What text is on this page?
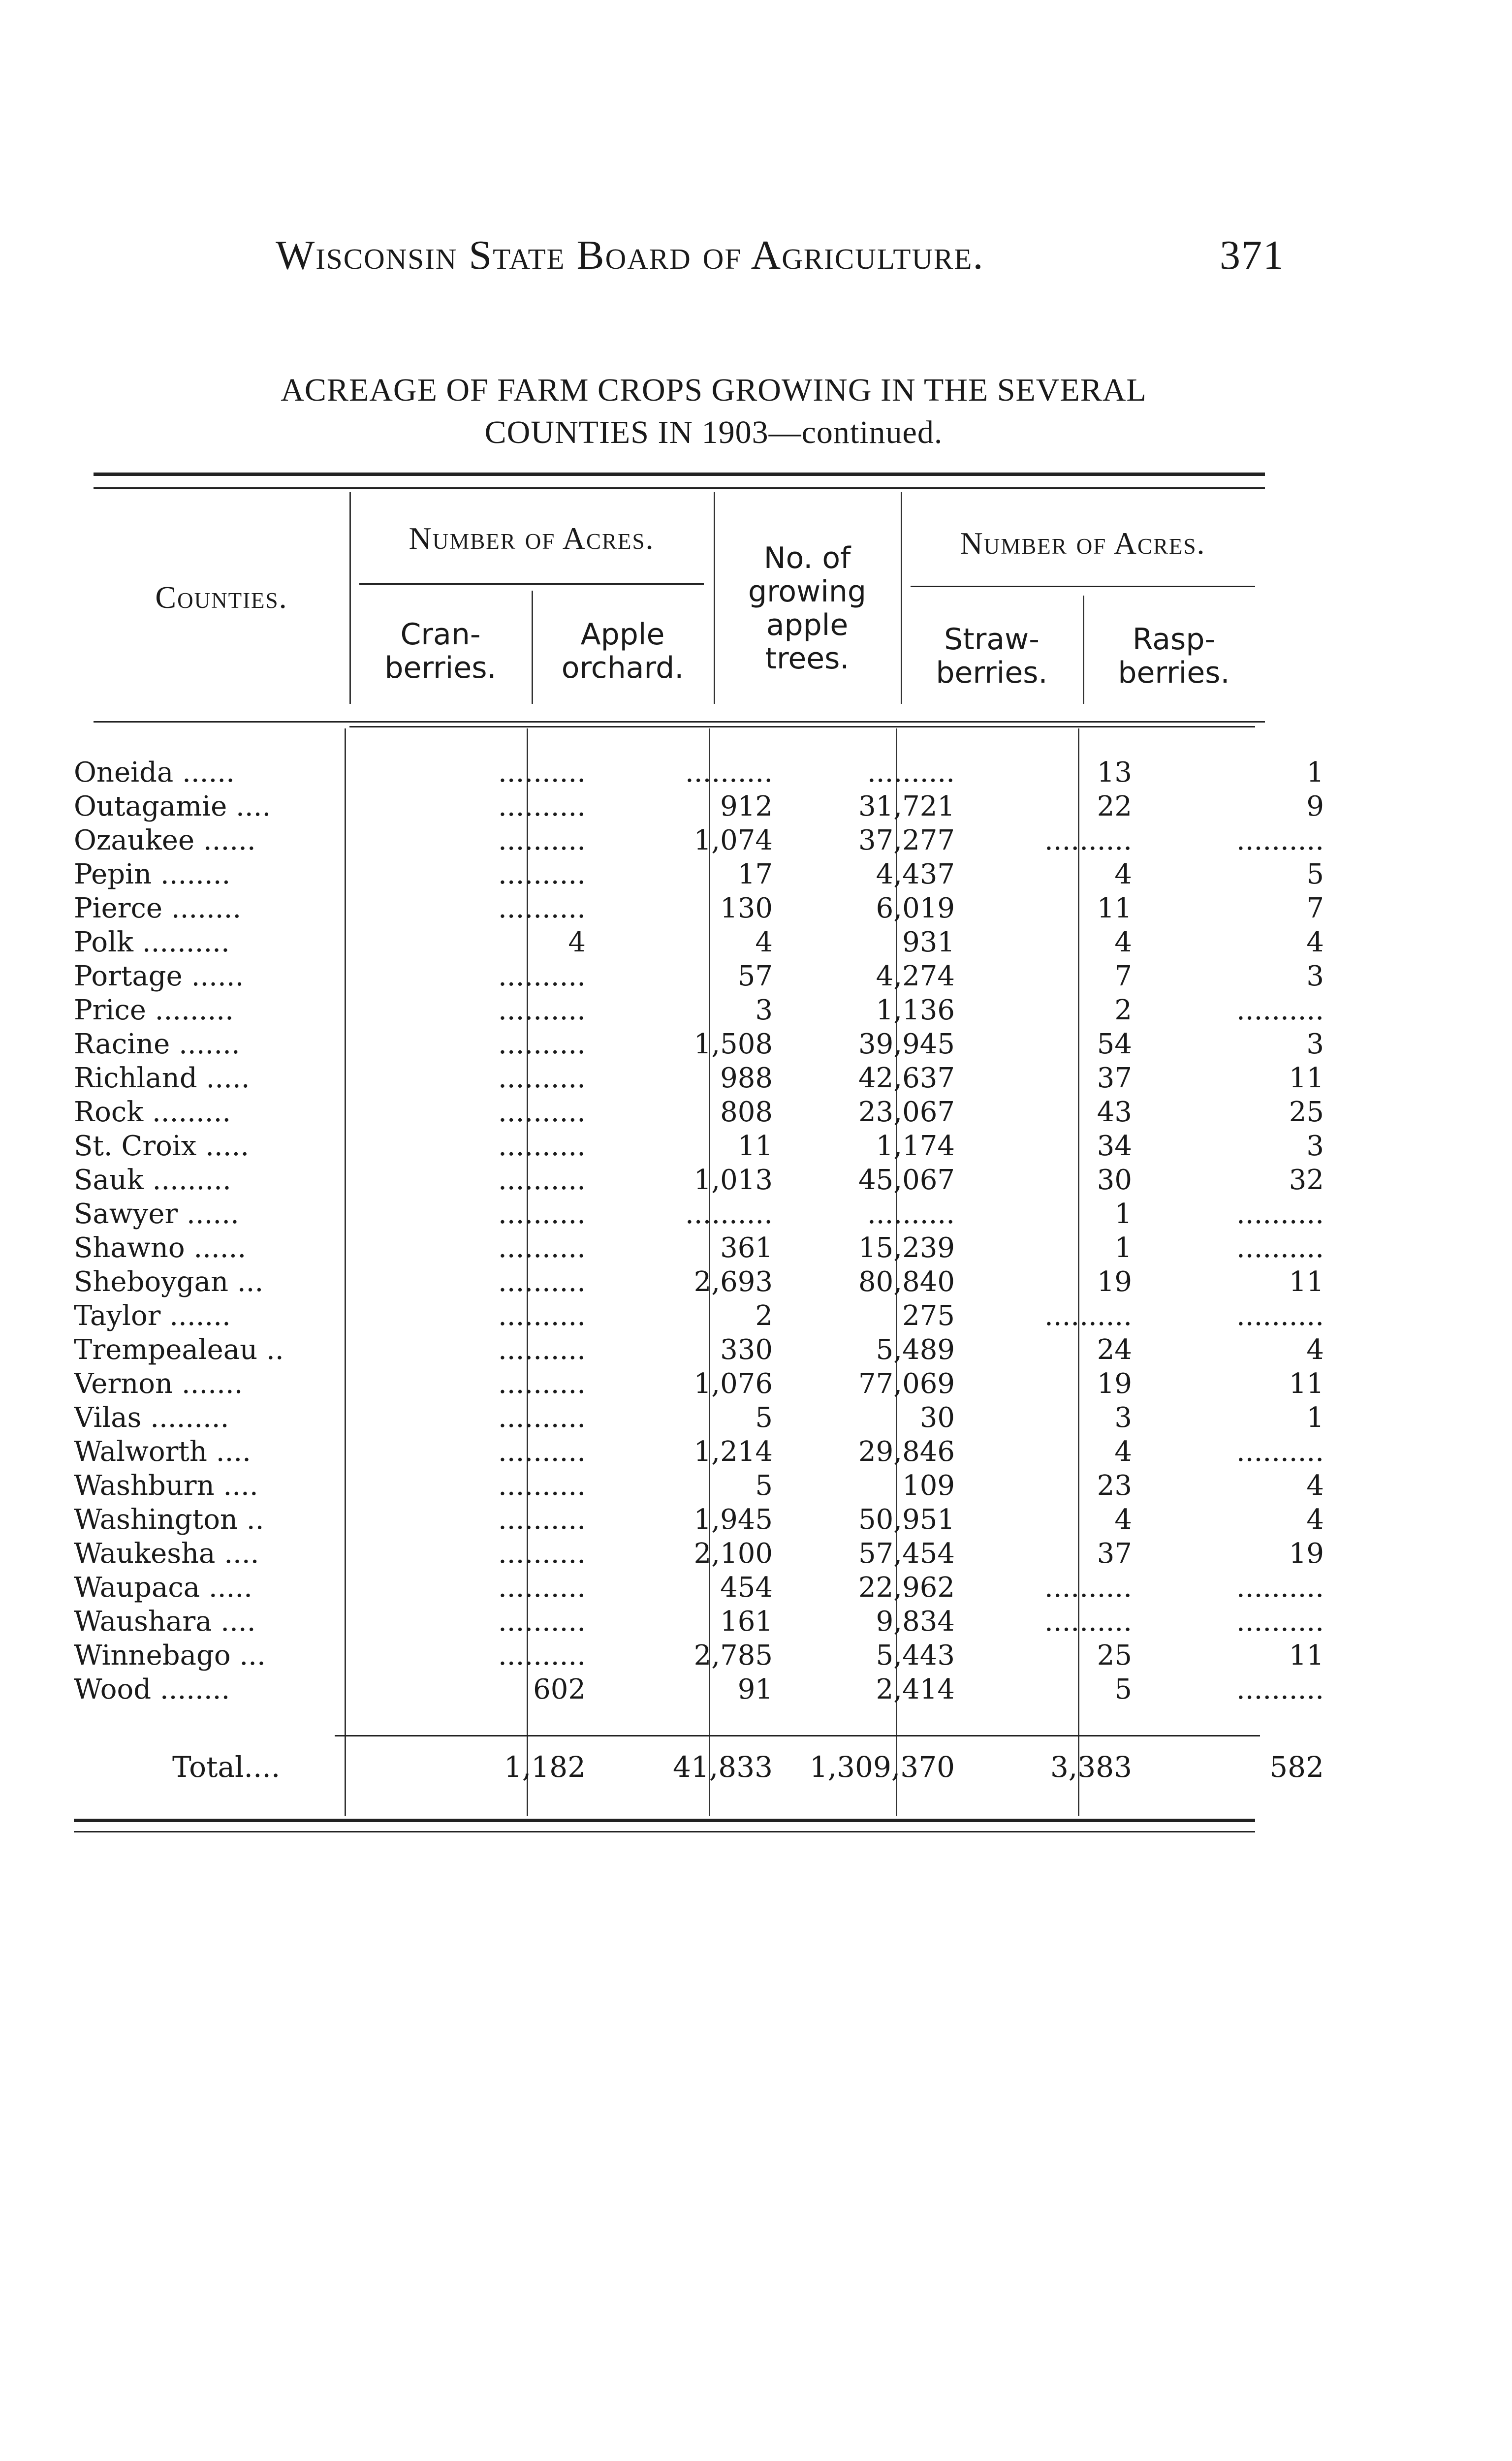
Wisconsin State Board of Agriculture.	371
ACREAGE OF FARM CROPS GROWING IN THE SEVERAL
COUNTIES IN 1903—continued.
Counties.
Number of Acres.
Cran-
berries.
Apple
orchard.
No. of
growing
apple
trees.
Number of Acres.
Straw-
berries.
Rasp-
berries.
Oneida ......	..........	..........	..........	13	1
Outagamie ....	..........	912	31,721	22	9
Ozaukee ......	..........	1,074	37,277	..........	..........
Pepin ........	..........	17	4,437	4	5
Pierce ........	..........	130	6,019	11	7
Polk ..........	4	4	931	4	4
Portage ......	..........	57	4,274	7	3
Price .........	..........	3	1,136	2	..........
Racine .......	..........	1,508	39,945	54	3
Richland .....	..........	988	42,637	37	11
Rock .........	..........	808	23,067	43	25
St. Croix .....	..........	11	1,174	34	3
Sauk .........	..........	1,013	45,067	30	32
Sawyer ......	..........	..........	..........	1	..........
Shawno ......	..........	361	15,239	1	..........
Sheboygan ...	..........	2,693	80,840	19	11
Taylor .......	..........	2	275	..........	..........
Trempealeau ..	..........	330	5,489	24	4
Vernon .......	..........	1,076	77,069	19	11
Vilas .........	..........	5	30	3	1
Walworth ....	..........	1,214	29,846	4	..........
Washburn ....	..........	5	109	23	4
Washington ..	..........	1,945	50,951	4	4
Waukesha ....	..........	2,100	57,454	37	19
Waupaca .....	..........	454	22,962	..........	..........
Waushara ....	..........	161	9,834	..........	..........
Winnebago ...	..........	2,785	5,443	25	11
Wood ........	602	91	2,414	5	..........
Total....	1,182	41,833	1,309,370	3,383	582
